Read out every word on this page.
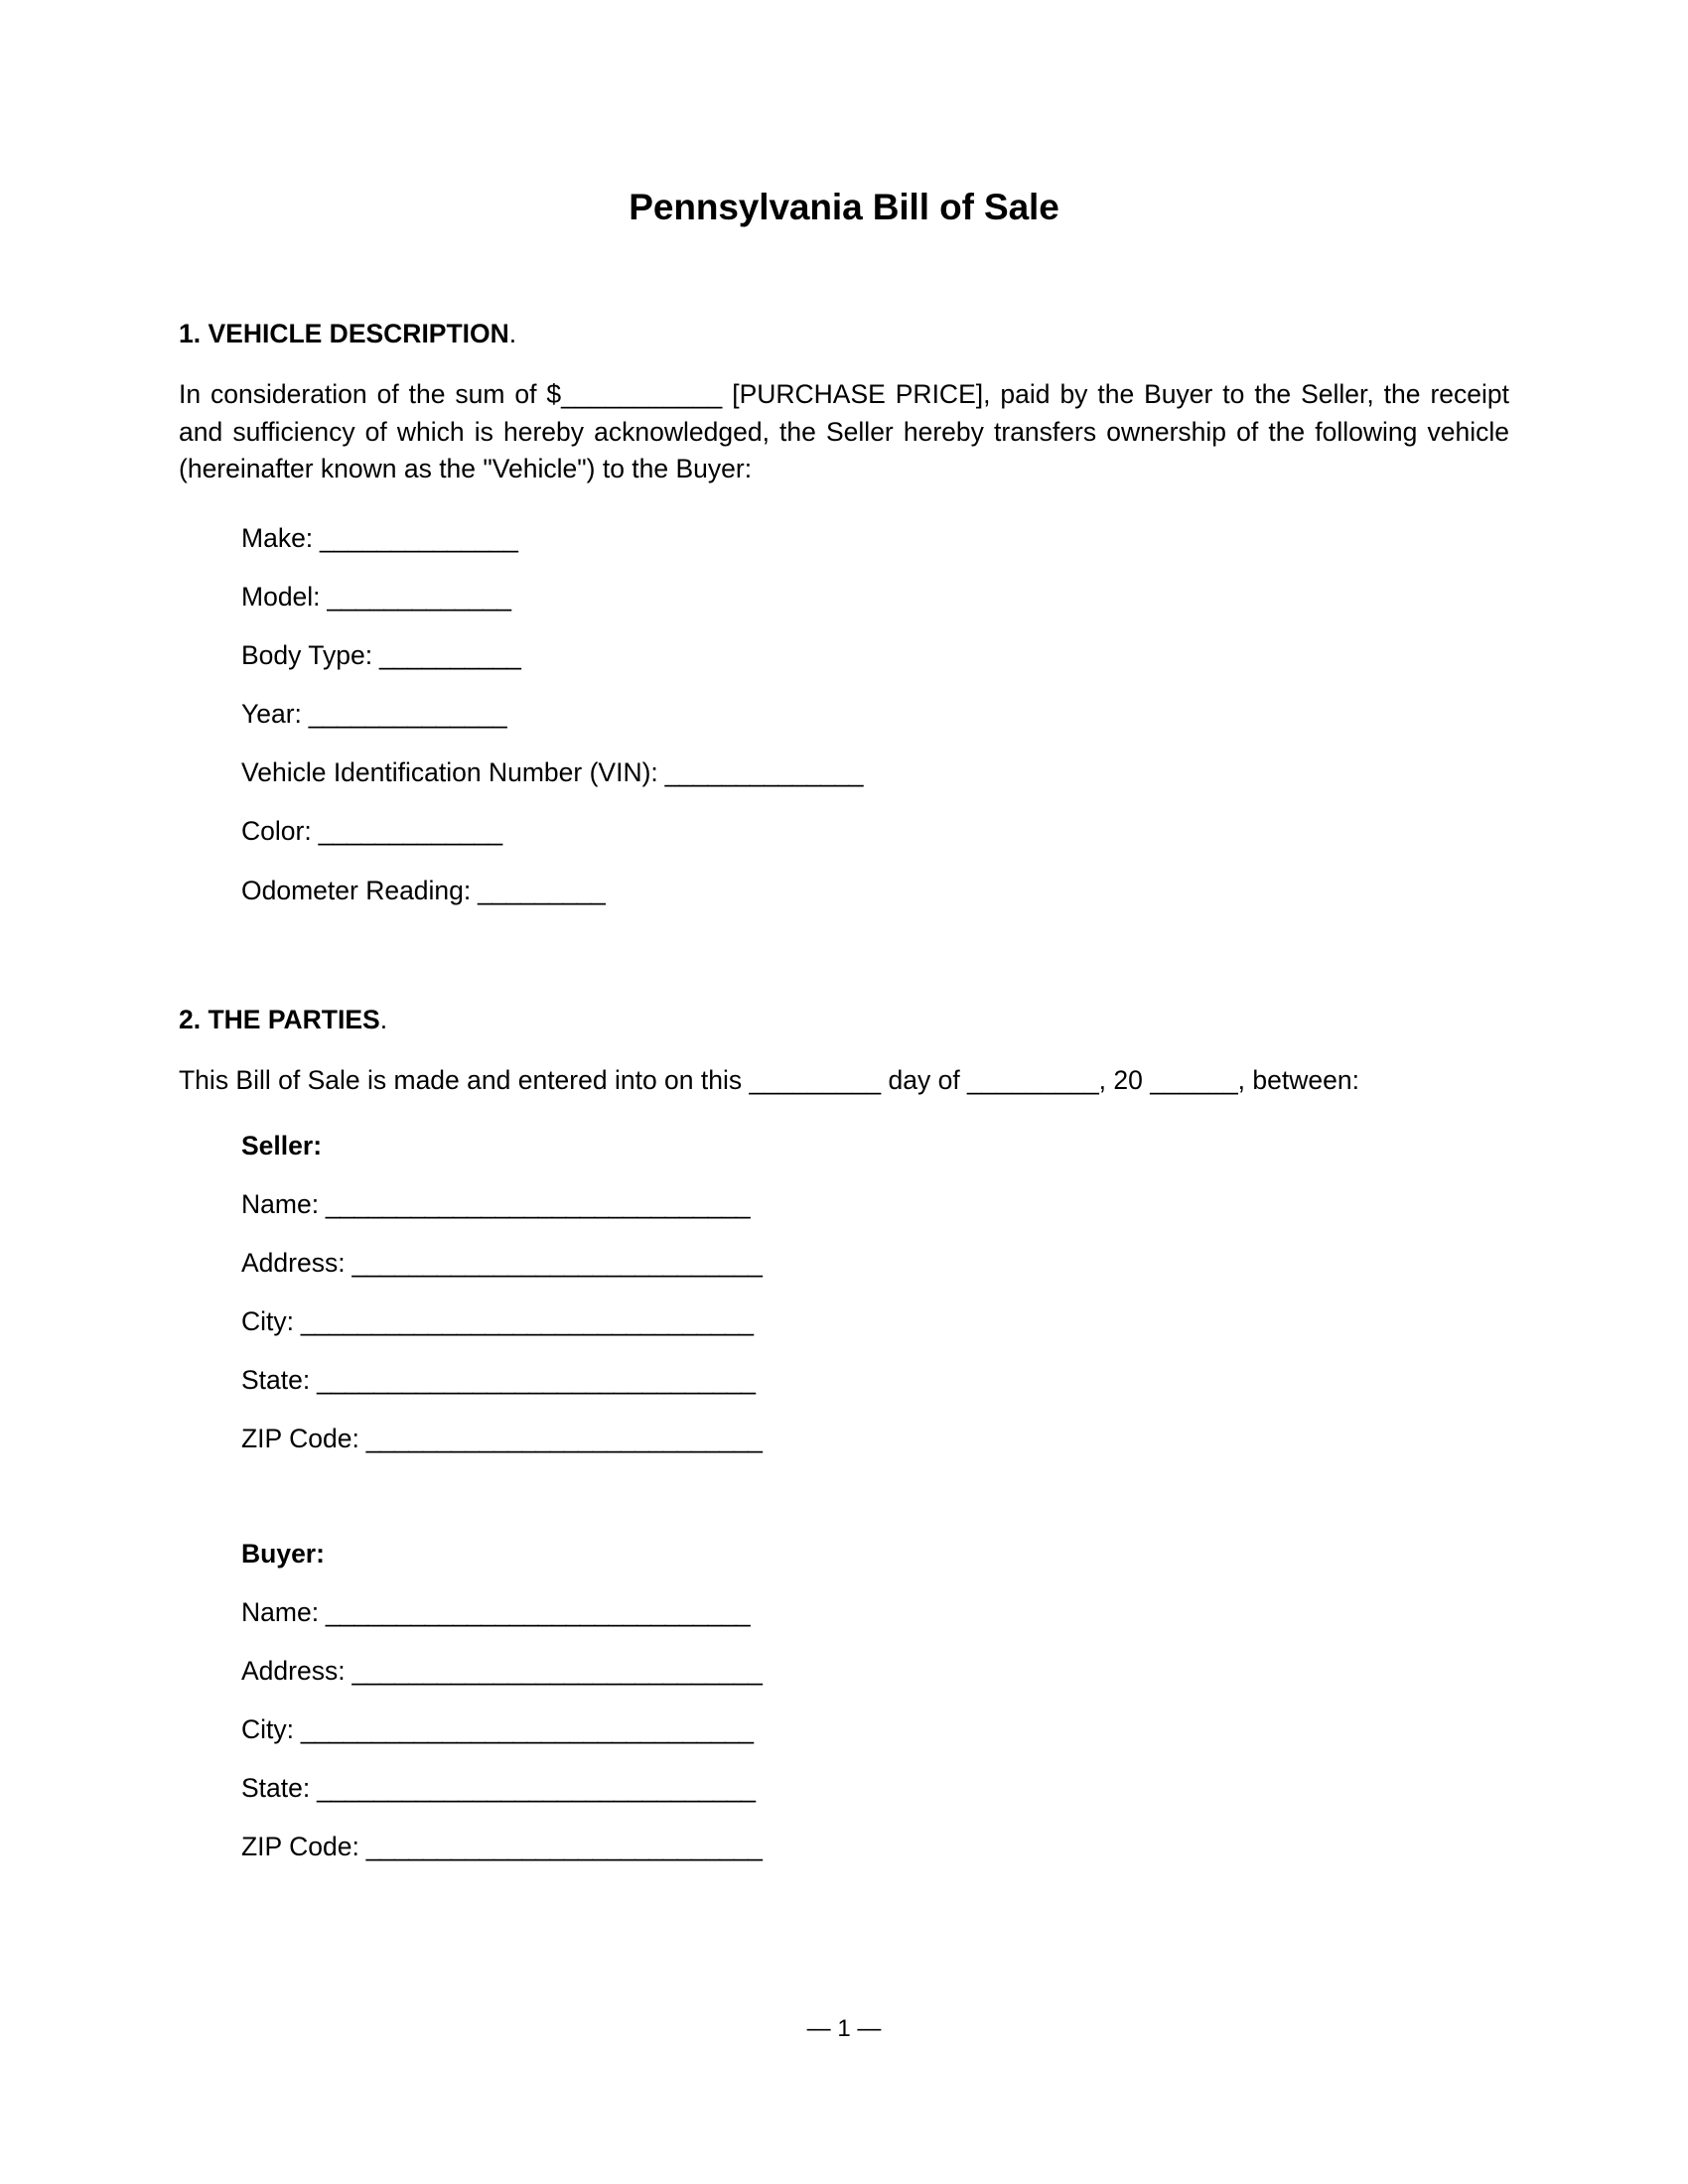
Pennsylvania Bill of Sale
1. VEHICLE DESCRIPTION.

In consideration of the sum of $___________ [PURCHASE PRICE], paid by the Buyer to the Seller, the receipt and sufficiency of which is hereby acknowledged, the Seller hereby transfers ownership of the following vehicle (hereinafter known as the "Vehicle") to the Buyer:

Make: ______________
Model: _____________
Body Type: __________
Year: ______________
Vehicle Identification Number (VIN): ______________
Color: _____________
Odometer Reading: _________
2. THE PARTIES.

This Bill of Sale is made and entered into on this _________ day of _________, 20 ______, between:

Seller:
Name: ______________________________
Address: _____________________________
City: ________________________________
State: _______________________________
ZIP Code: ____________________________
Buyer:
Name: ______________________________
Address: _____________________________
City: ________________________________
State: _______________________________
ZIP Code: ____________________________
— 1 —
